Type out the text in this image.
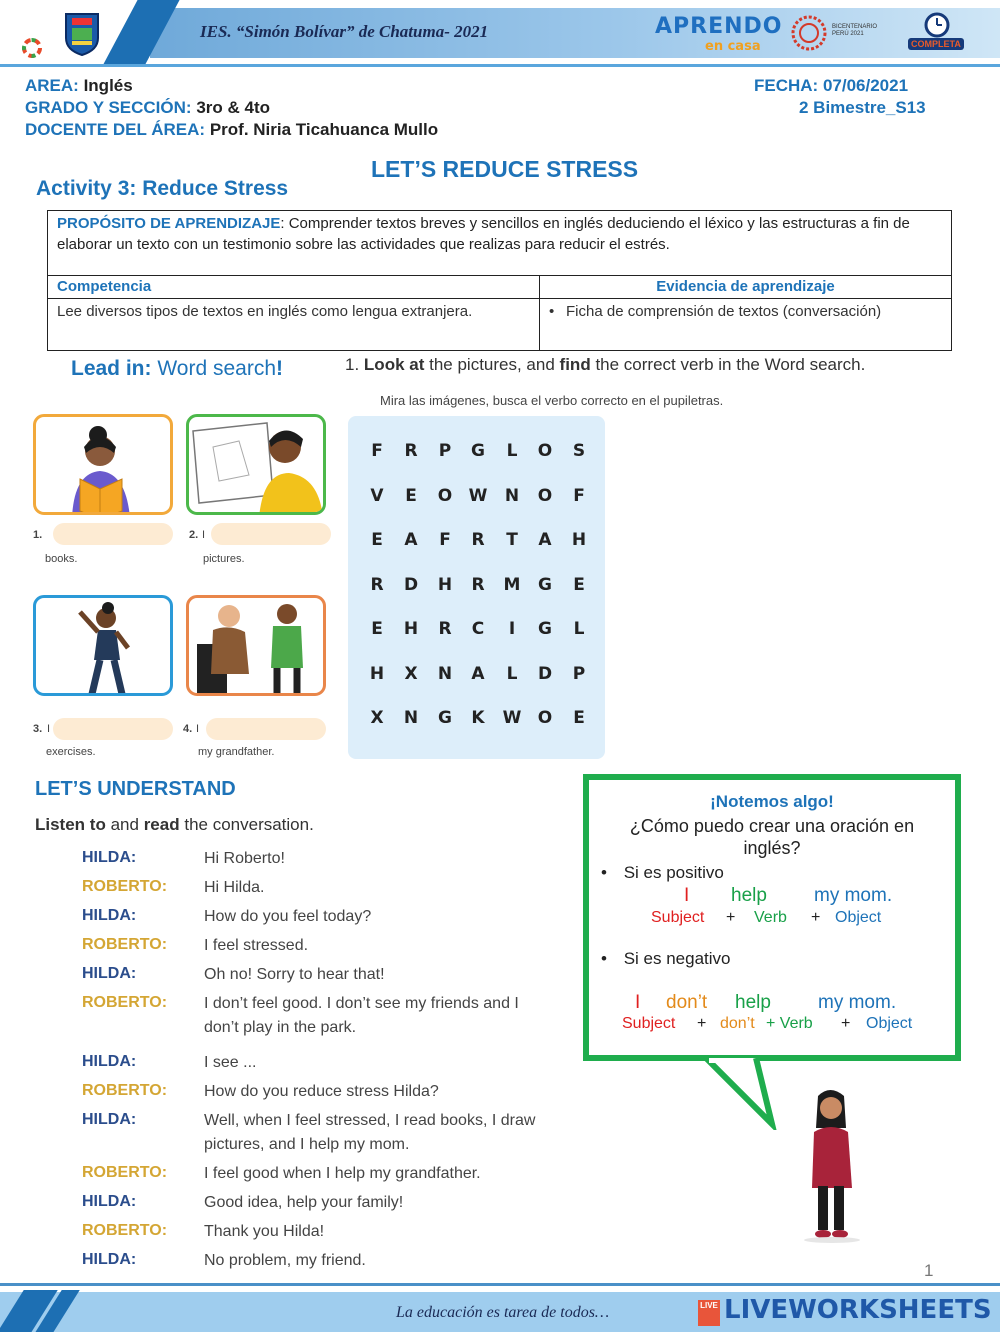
IES. “Simón Bolívar” de Chatuma- 2021	APRENDO
en casa
BICENTENARIO PERÚ 2021
COMPLETA
AREA: Inglés
GRADO Y SECCIÓN: 3ro & 4to
DOCENTE DEL ÁREA: Prof. Niria Ticahuanca Mullo
FECHA: 07/06/2021
2 Bimestre_S13
LET’S REDUCE STRESS
Activity 3: Reduce Stress
PROPÓSITO DE APRENDIZAJE: Comprender textos breves y sencillos en inglés deduciendo el léxico y las estructuras a fin de elaborar un texto con un testimonio sobre las actividades que realizas para reducir el estrés.	
Competencia	Evidencia de aprendizaje
Lee diversos tipos de textos en inglés como lengua extranjera.	• Ficha de comprensión de textos (conversación)
Lead in: Word search!	1. Look at the pictures, and find the correct verb in the Word search.
Mira las imágenes, busca el verbo correcto en el pupiletras.
1.
books.
2. I
pictures.
3. I
exercises.
4. I
my grandfather.
F	R	P	G	L	O	S
V	E	O W	N	O	F
E	A	F	R	T	A	H
R	D	H	R	M	G	E
E	H	R	C	I	G	L
H	X	N	A	L	D	P
X	N	G	K	W O	E
LET’S UNDERSTAND
Listen to and read the conversation.
HILDA:	Hi Roberto!
ROBERTO: Hi Hilda.
HILDA:	How do you feel today?
ROBERTO: I feel stressed.
HILDA:	Oh no! Sorry to hear that!
ROBERTO: I don’t feel good. I don’t see my friends and I don’t play in the park.
HILDA:	I see ...
ROBERTO: How do you reduce stress Hilda?
HILDA:	Well, when I feel stressed, I read books, I draw pictures, and I help my mom.
ROBERTO: I feel good when I help my grandfather.
HILDA:	Good idea, help your family!
ROBERTO: Thank you Hilda!
HILDA:	No problem, my friend.
¡Notemos algo!
¿Cómo puedo crear una oración en inglés?
• Si es positivo
I help my mom.
Subject + Verb + Object
• Si es negativo
I don’t help my mom.
Subject + don’t + Verb + Object
1
La educación es tarea de todos…	LIVE LIVEWORKSHEETS
